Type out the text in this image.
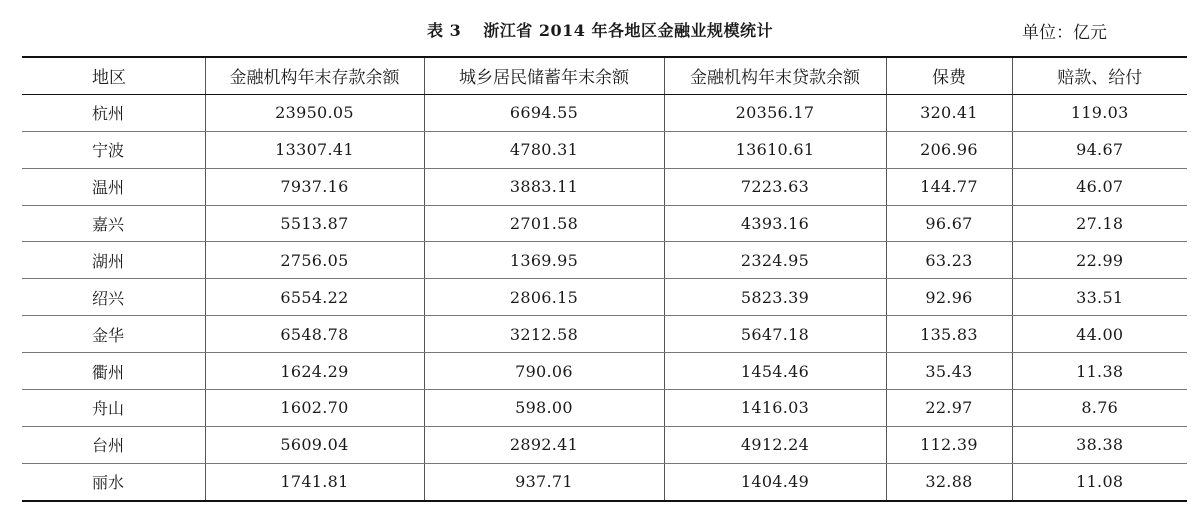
表 3 浙江省 2014 年各地区金融业规模统计	单位：亿元
地区	金融机构年末存款余额	城乡居民储蓄年末余额	金融机构年末贷款余额	保费	赔款、给付
杭州	23950.05	6694.55	20356.17	320.41	119.03
宁波	13307.41	4780.31	13610.61	206.96	94.67
温州	7937.16	3883.11	7223.63	144.77	46.07
嘉兴	5513.87	2701.58	4393.16	96.67	27.18
湖州	2756.05	1369.95	2324.95	63.23	22.99
绍兴	6554.22	2806.15	5823.39	92.96	33.51
金华	6548.78	3212.58	5647.18	135.83	44.00
衢州	1624.29	790.06	1454.46	35.43	11.38
舟山	1602.70	598.00	1416.03	22.97	8.76
台州	5609.04	2892.41	4912.24	112.39	38.38
丽水	1741.81	937.71	1404.49	32.88	11.08
